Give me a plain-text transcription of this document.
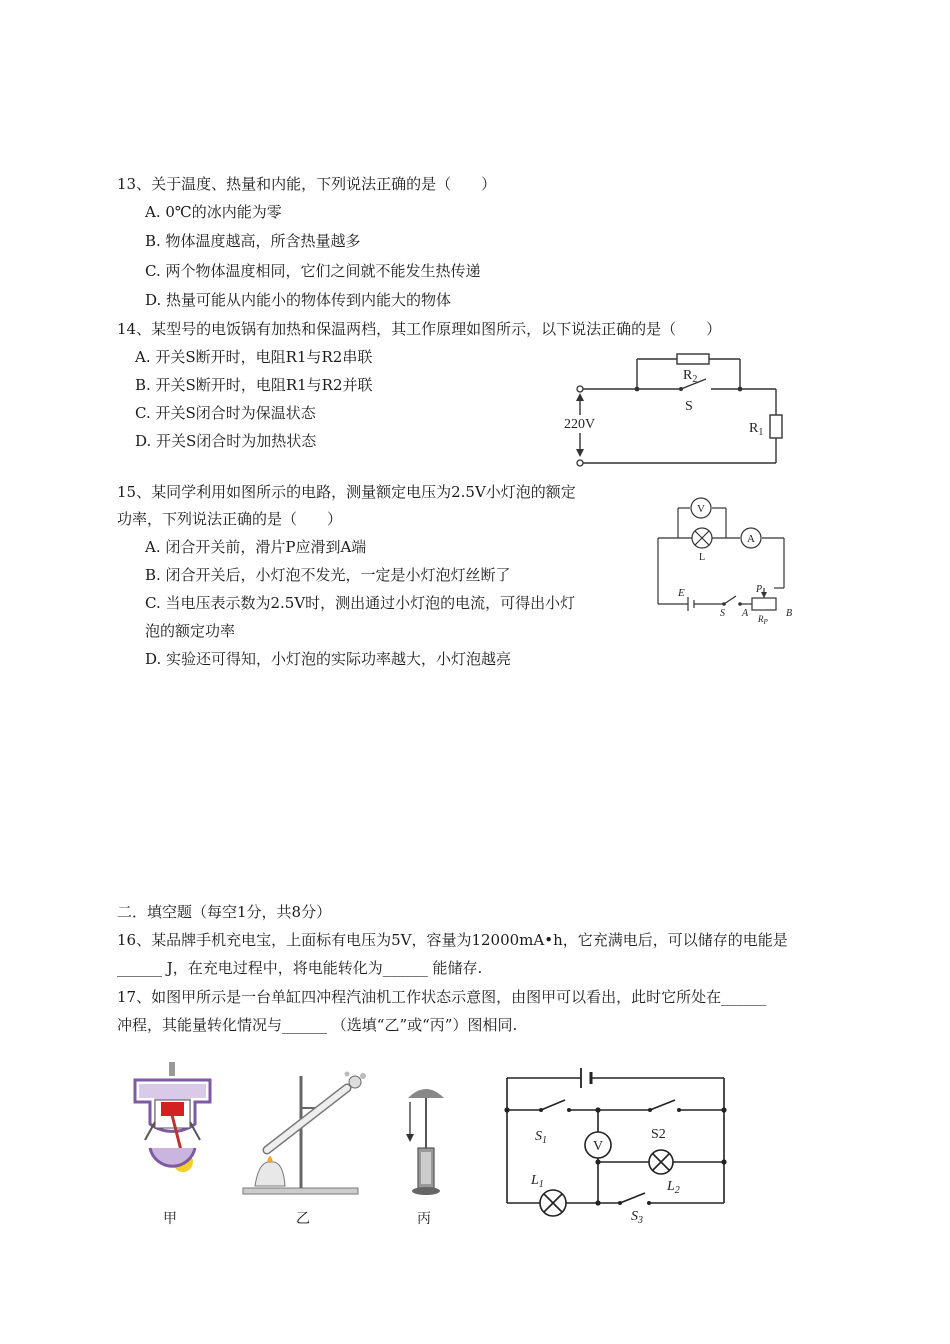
13、关于温度、热量和内能，下列说法正确的是（　　）
A. 0℃的冰内能为零
B. 物体温度越高，所含热量越多
C. 两个物体温度相同，它们之间就不能发生热传递
D. 热量可能从内能小的物体传到内能大的物体
14、某型号的电饭锅有加热和保温两档，其工作原理如图所示，以下说法正确的是（　　）
A. 开关S断开时，电阻R1与R2串联
B. 开关S断开时，电阻R1与R2并联
C. 开关S闭合时为保温状态
D. 开关S闭合时为加热状态
$R_2$
S
220V	$R_1$
15、某同学利用如图所示的电路，测量额定电压为2.5V小灯泡的额定
功率，下列说法正确的是（　　）
A. 闭合开关前，滑片P应滑到A端
B. 闭合开关后，小灯泡不发光，一定是小灯泡灯丝断了
C. 当电压表示数为2.5V时，测出通过小灯泡的电流，可得出小灯
泡的额定功率
D. 实验还可得知，小灯泡的实际功率越大，小灯泡越亮
V
A
L
E
S A	B
P
$R_P$
二．填空题（每空1分，共8分）
16、某品牌手机充电宝，上面标有电压为5V，容量为12000mA•h，它充满电后，可以储存的电能是
______ J，在充电过程中，将电能转化为______ 能储存.
17、如图甲所示是一台单缸四冲程汽油机工作状态示意图，由图甲可以看出，此时它所处在______
冲程，其能量转化情况与______ （选填“乙”或“丙”）图相同.
甲	乙	丙
V
$S_1$	S2
$L_1$	$L_2$
$S_3$
